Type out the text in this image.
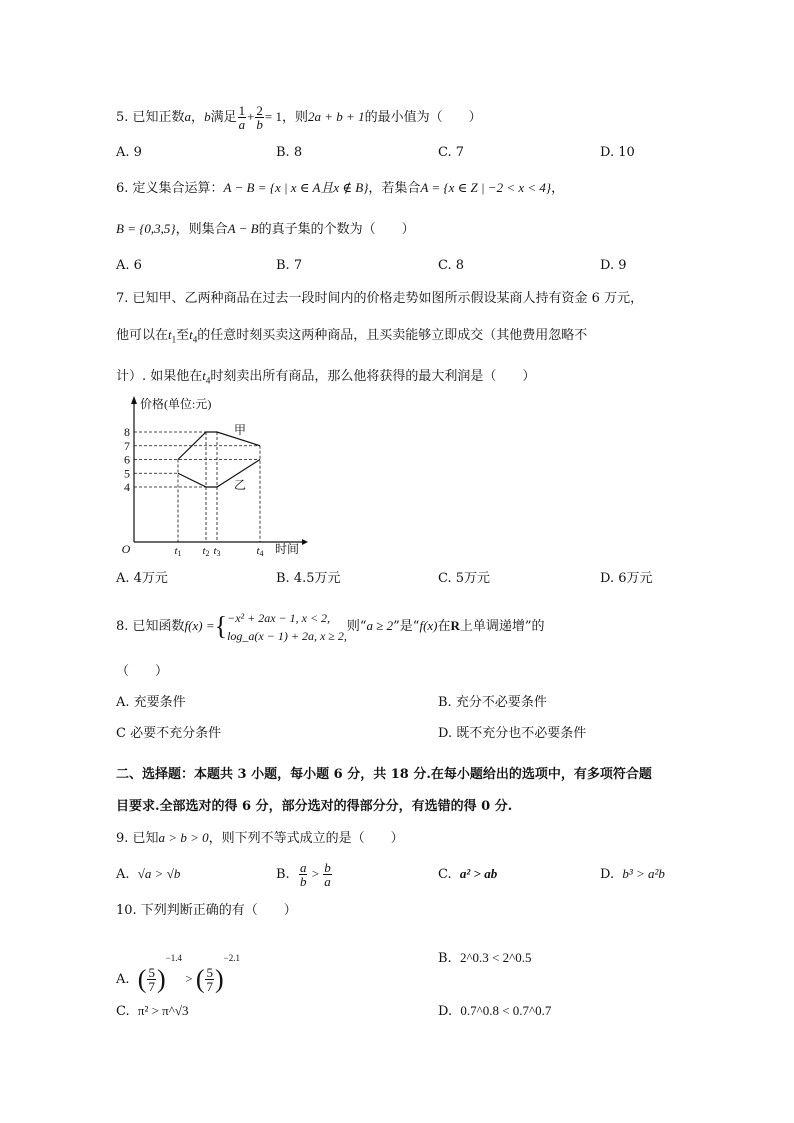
5. 已知正数a，b满足 $\frac{1}{a} + \frac{2}{b} = 1$，则2a + b + 1的最小值为（　　）
A. 9	B. 8	C. 7	D. 10
6. 定义集合运算：A − B = {x | x ∈ A且x ∉ B}，若集合A = {x ∈ Z | −2 < x < 4}，
B = {0,3,5}，则集合A − B的真子集的个数为（　　）
A. 6	B. 7	C. 8	D. 9
7. 已知甲、乙两种商品在过去一段时间内的价格走势如图所示假设某商人持有资金 6 万元，
他可以在$t_1$至$t_4$的任意时刻买卖这两种商品，且买卖能够立即成交（其他费用忽略不
计）. 如果他在$t_4$时刻卖出所有商品，那么他将获得的最大利润是（　　）
价格(单位:元)
时间
O
4
5
6
7
8
t1 t2 t3	t4
甲
乙
A. 4万元	B. 4.5万元	C. 5万元	D. 6万元
8. 已知函数f(x) ={ −x² + 2ax − 1, x < 2,
log_a(x − 1) + 2a, x ≥ 2,
则“a ≥ 2”是“f(x)在R上单调递增”的
（　　）
A. 充要条件	B. 充分不必要条件
C 必要不充分条件	D. 既不充分也不必要条件
二、选择题：本题共 3 小题，每小题 6 分，共 18 分.在每小题给出的选项中，有多项符合题
目要求.全部选对的得 6 分，部分选对的得部分分，有选错的得 0 分.
9. 已知a > b > 0，则下列不等式成立的是（　　）
A. √a > √b	B. $\frac{a}{b} > \frac{b}{a}$	C. a² > ab	D. b³ > a²b
10. 下列判断正确的有（　　）
A. ( $\frac{5}{7} )^{-1.4}$ > ( $\frac{5}{7} )^{-2.1}$	B. 2^0.3 < 2^0.5
C. π² > π^√3	D. 0.7^0.8 < 0.7^0.7
